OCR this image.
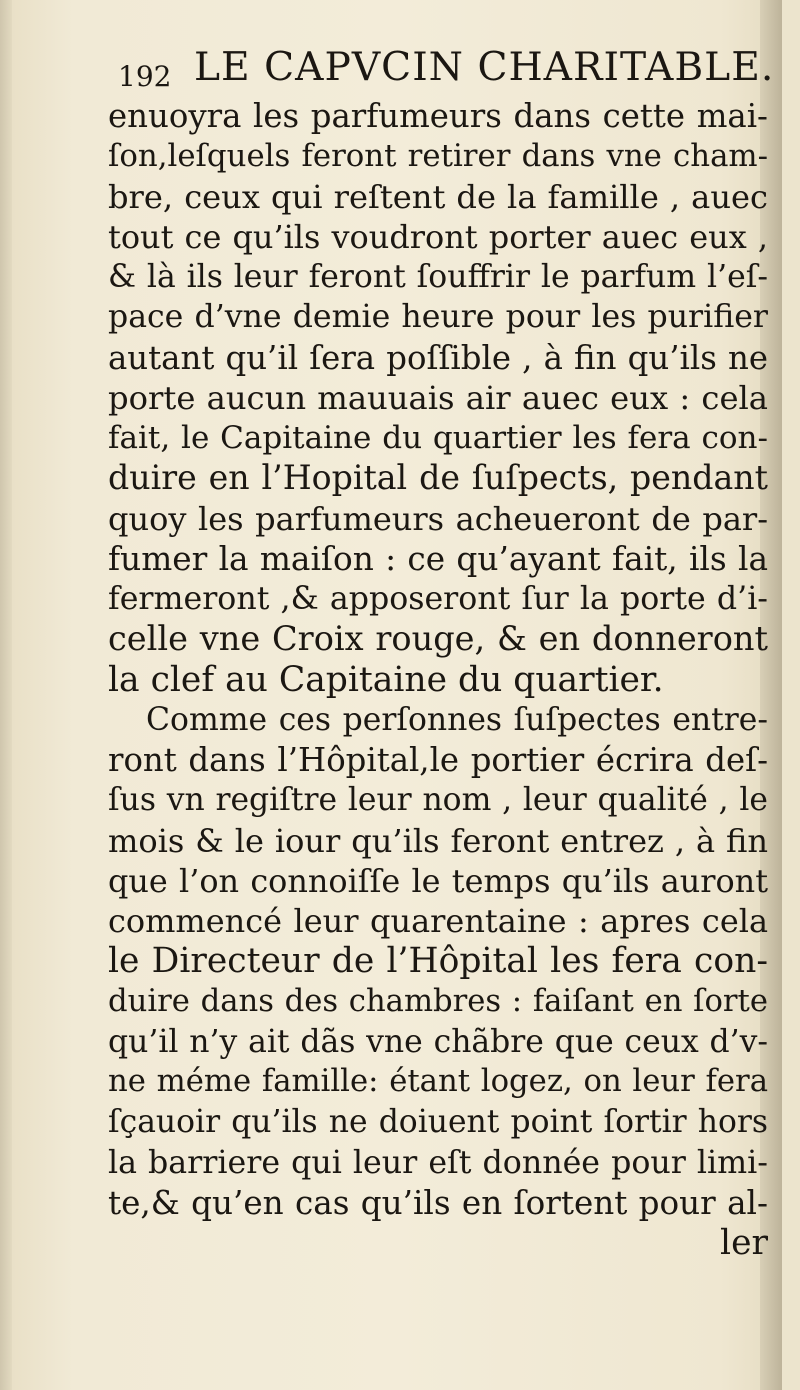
192 LE CAPVCIN CHARITABLE.
enuoyra les parfumeurs dans cette mai-
ſon,leſquels feront retirer dans vne cham-
bre, ceux qui reſtent de la famille , auec
tout ce qu’ils voudront porter auec eux ,
& là ils leur feront ſouffrir le parfum l’eſ-
pace d’vne demie heure pour les purifier
autant qu’il ſera poſſible , à fin qu’ils ne
porte aucun mauuais air auec eux : cela
fait, le Capitaine du quartier les fera con-
duire en l’Hopital de ſuſpects, pendant
quoy les parfumeurs acheueront de par-
fumer la maiſon : ce qu’ayant fait, ils la
fermeront ,& apposeront ſur la porte d’i-
celle vne Croix rouge, & en donneront
la clef au Capitaine du quartier.
Comme ces perſonnes ſuſpectes entre-
ront dans l’Hôpital,le portier écrira deſ-
ſus vn regiſtre leur nom , leur qualité , le
mois & le iour qu’ils feront entrez , à fin
que l’on connoiſſe le temps qu’ils auront
commencé leur quarentaine : apres cela
le Directeur de l’Hôpital les fera con-
duire dans des chambres : faiſant en ſorte
qu’il n’y ait dãs vne chãbre que ceux d’v-
ne méme famille: étant logez, on leur fera
ſçauoir qu’ils ne doiuent point ſortir hors
la barriere qui leur eſt donnée pour limi-
te,& qu’en cas qu’ils en ſortent pour al-
ler
